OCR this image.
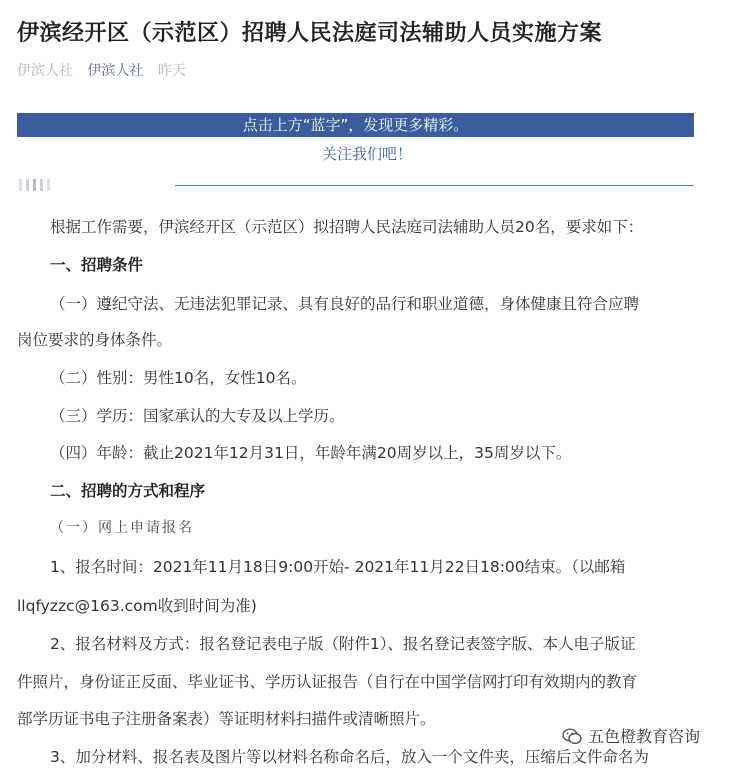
伊滨经开区（示范区）招聘人民法庭司法辅助人员实施方案
伊滨人社 伊滨人社 昨天
点击上方“蓝字”，发现更多精彩。
关注我们吧！
根据工作需要，伊滨经开区（示范区）拟招聘人民法庭司法辅助人员20名，要求如下：
一、招聘条件
（一）遵纪守法、无违法犯罪记录、具有良好的品行和职业道德，身体健康且符合应聘
岗位要求的身体条件。
（二）性别：男性10名，女性10名。
（三）学历：国家承认的大专及以上学历。
（四）年龄：截止2021年12月31日，年龄年满20周岁以上，35周岁以下。
二、招聘的方式和程序
（一）网上申请报名
1、报名时间：2021年11月18日9:00开始- 2021年11月22日18:00结束。（以邮箱
llqfyzzc@163.com收到时间为准)
2、报名材料及方式：报名登记表电子版（附件1）、报名登记表签字版、本人电子版证
件照片，身份证正反面、毕业证书、学历认证报告（自行在中国学信网打印有效期内的教育
部学历证书电子注册备案表）等证明材料扫描件或清晰照片。
3、加分材料、报名表及图片等以材料名称命名后，放入一个文件夹，压缩后文件命名为
五色橙教育咨询
